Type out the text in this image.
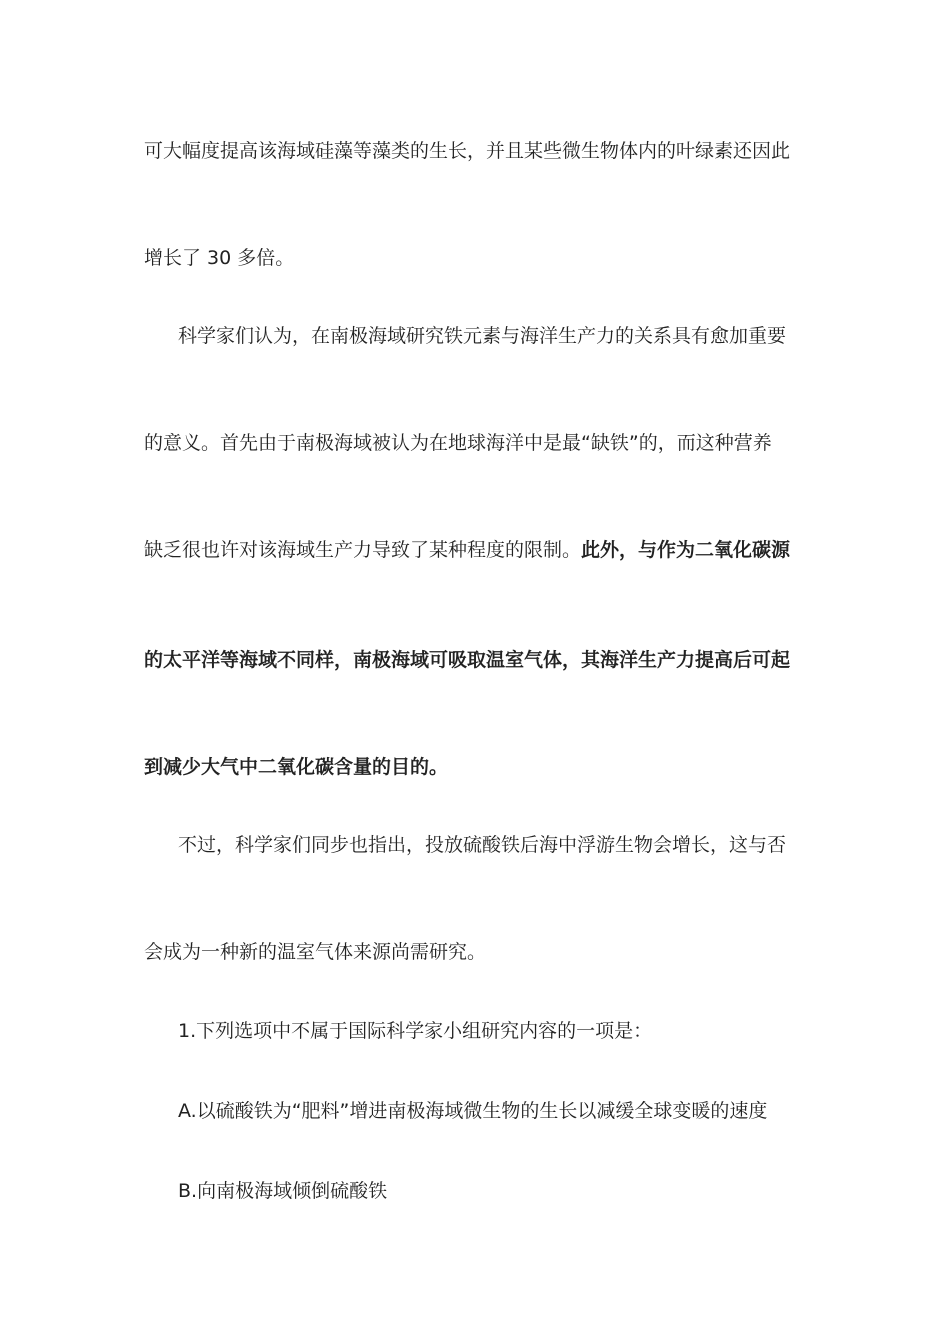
可大幅度提高该海域硅藻等藻类的生长，并且某些微生物体内的叶绿素还因此
增长了 30 多倍。
科学家们认为，在南极海域研究铁元素与海洋生产力的关系具有愈加重要
的意义。首先由于南极海域被认为在地球海洋中是最“缺铁”的，而这种营养
缺乏很也许对该海域生产力导致了某种程度的限制。此外，与作为二氧化碳源
的太平洋等海域不同样，南极海域可吸取温室气体，其海洋生产力提高后可起
到减少大气中二氧化碳含量的目的。
不过，科学家们同步也指出，投放硫酸铁后海中浮游生物会增长，这与否
会成为一种新的温室气体来源尚需研究。
1.下列选项中不属于国际科学家小组研究内容的一项是：
A.以硫酸铁为“肥料”增进南极海域微生物的生长以减缓全球变暖的速度
B.向南极海域倾倒硫酸铁
